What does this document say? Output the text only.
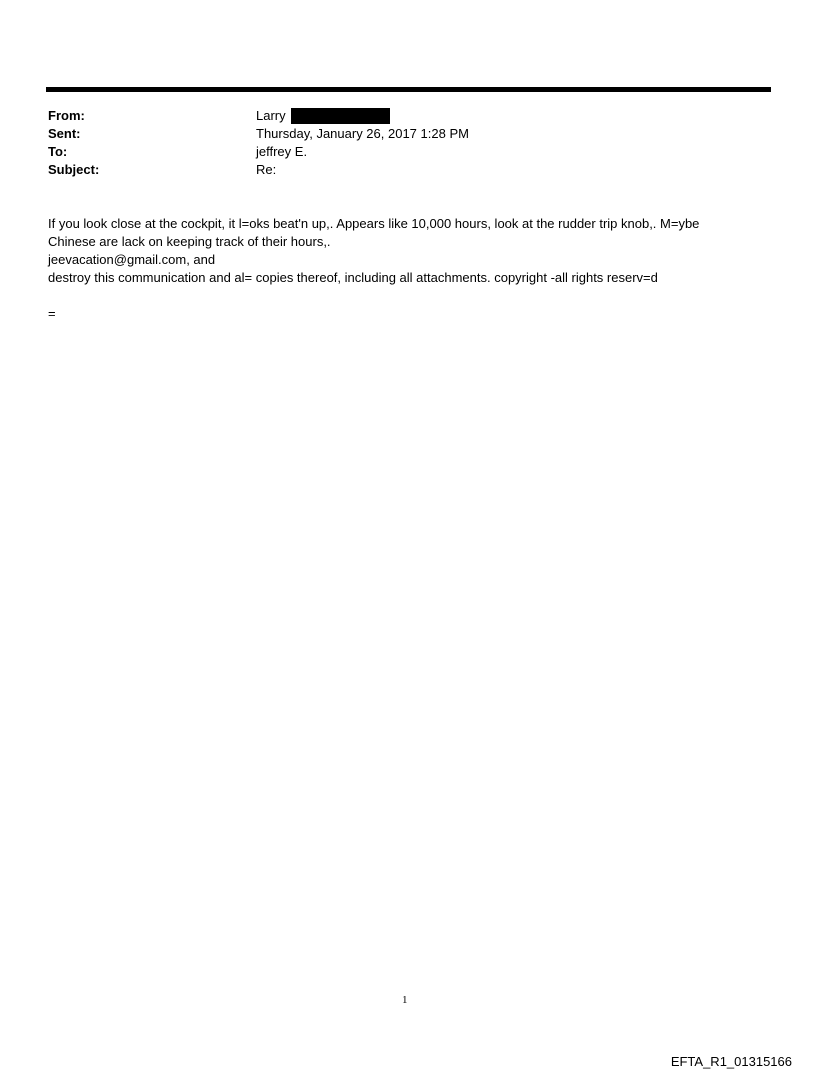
From:	Larry
Sent:	Thursday, January 26, 2017 1:28 PM
To:	jeffrey E.
Subject:	Re:

If you look close at the cockpit, it l=oks beat'n up,. Appears like 10,000 hours, look at the rudder trip knob,. M=ybe

Chinese are lack on keeping track of their hours,.

jeevacation@gmail.com, and

destroy this communication and al= copies thereof, including all attachments. copyright -all rights reserv=d

=
1
EFTA_R1_01315166
